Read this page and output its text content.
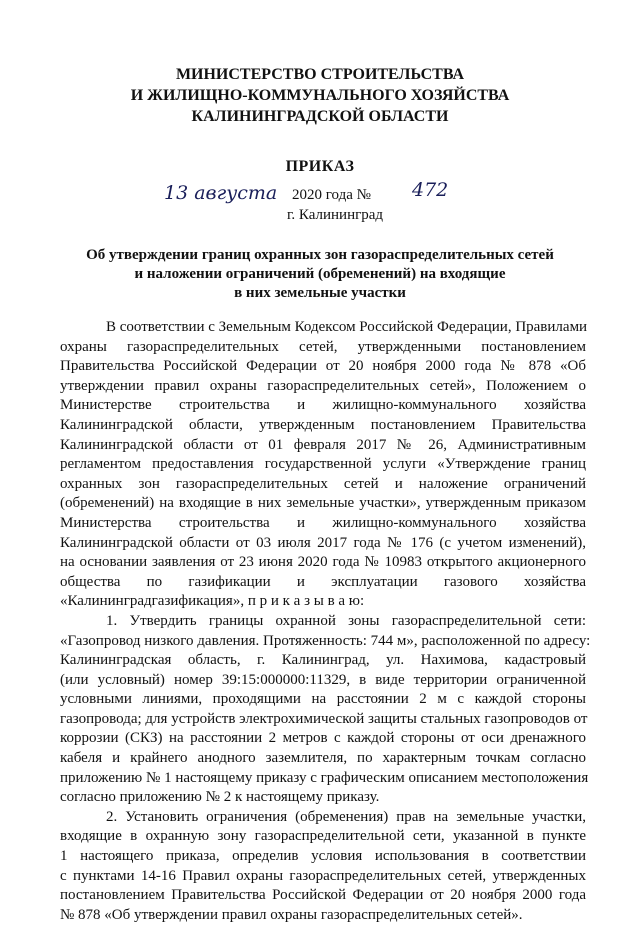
МИНИСТЕРСТВО СТРОИТЕЛЬСТВА
И ЖИЛИЩНО-КОММУНАЛЬНОГО ХОЗЯЙСТВА
КАЛИНИНГРАДСКОЙ ОБЛАСТИ
ПРИКАЗ
13 августа 2020 года № 472
г. Калининград
Об утверждении границ охранных зон газораспределительных сетей
и наложении ограничений (обременений) на входящие
в них земельные участки
В соответствии с Земельным Кодексом Российской Федерации, Правилами
охраны газораспределительных сетей, утвержденными постановлением
Правительства Российской Федерации от 20 ноября 2000 года № 878 «Об
утверждении правил охраны газораспределительных сетей», Положением о
Министерстве строительства и жилищно-коммунального хозяйства
Калининградской области, утвержденным постановлением Правительства
Калининградской области от 01 февраля 2017 № 26, Административным
регламентом предоставления государственной услуги «Утверждение границ
охранных зон газораспределительных сетей и наложение ограничений
(обременений) на входящие в них земельные участки», утвержденным приказом
Министерства строительства и жилищно-коммунального хозяйства
Калининградской области от 03 июля 2017 года № 176 (с учетом изменений),
на основании заявления от 23 июня 2020 года № 10983 открытого акционерного
общества по газификации и эксплуатации газового хозяйства
«Калининградгазификация», п р и к а з ы в а ю:
1. Утвердить границы охранной зоны газораспределительной сети:
«Газопровод низкого давления. Протяженность: 744 м», расположенной по адресу:
Калининградская область, г. Калининград, ул. Нахимова, кадастровый
(или условный) номер 39:15:000000:11329, в виде территории ограниченной
условными линиями, проходящими на расстоянии 2 м с каждой стороны
газопровода; для устройств электрохимической защиты стальных газопроводов от
коррозии (СКЗ) на расстоянии 2 метров с каждой стороны от оси дренажного
кабеля и крайнего анодного заземлителя, по характерным точкам согласно
приложению № 1 настоящему приказу с графическим описанием местоположения
согласно приложению № 2 к настоящему приказу.
2. Установить ограничения (обременения) прав на земельные участки,
входящие в охранную зону газораспределительной сети, указанной в пункте
1 настоящего приказа, определив условия использования в соответствии
с пунктами 14-16 Правил охраны газораспределительных сетей, утвержденных
постановлением Правительства Российской Федерации от 20 ноября 2000 года
№ 878 «Об утверждении правил охраны газораспределительных сетей».
